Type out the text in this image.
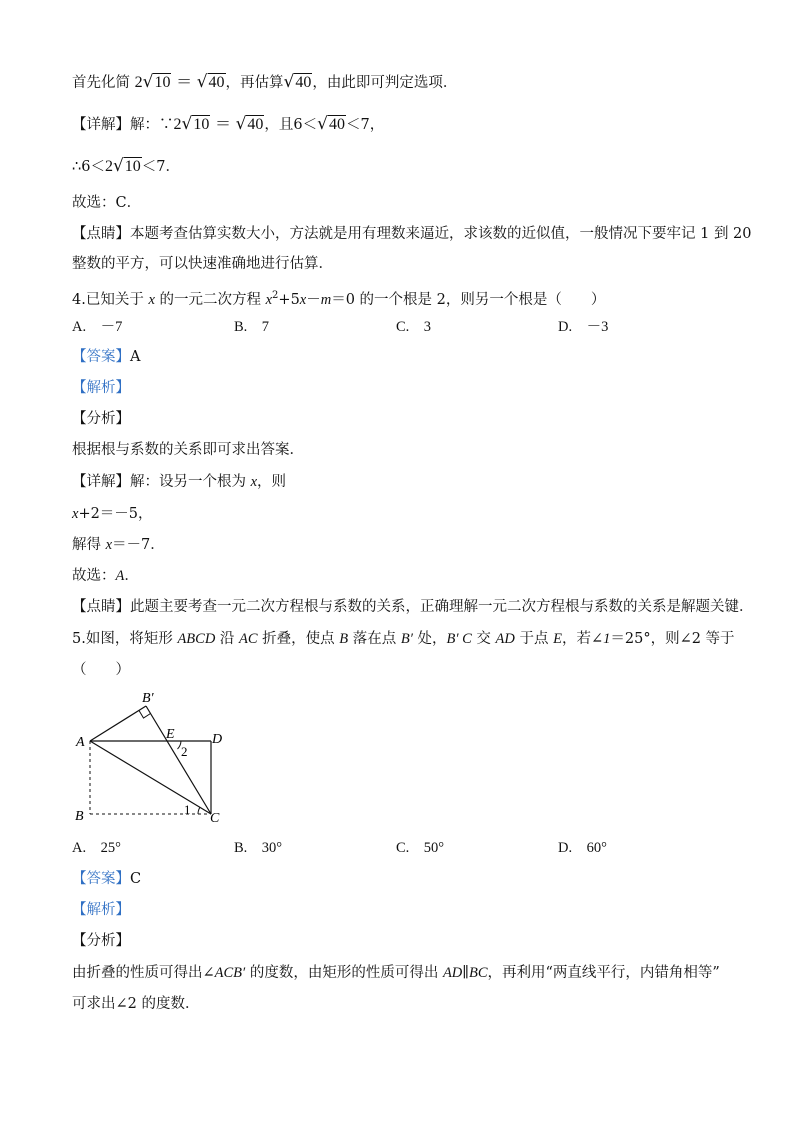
首先化简 2√10 ＝ √40，再估算√40，由此即可判定选项．
【详解】解：∵2√10 ＝ √40，且6＜√40＜7，
∴6＜2√10＜7．
故选：C．
【点睛】本题考查估算实数大小，方法就是用有理数来逼近，求该数的近似值，一般情况下要牢记 1 到 20
整数的平方，可以快速准确地进行估算．
4.已知关于 x 的一元二次方程 $x^2+5x-m=0$ 的一个根是 2，则另一个根是（　　）
A.　－7	B.　7	C.　3	D.　－3
【答案】A
【解析】
【分析】
根据根与系数的关系即可求出答案．
【详解】解：设另一个根为 x，则
x+2＝－5，
解得 x＝－7．
故选：A．
【点睛】此题主要考查一元二次方程根与系数的关系，正确理解一元二次方程根与系数的关系是解题关键．
5.如图，将矩形 ABCD 沿 AC 折叠，使点 B 落在点 B′ 处，B′ C 交 AD 于点 E，若∠1＝25°，则∠2 等于
（　　）
A
B	C
D
E
B′
1
2
A.　25°	B.　30°	C.　50°	D.　60°
【答案】C
【解析】
【分析】
由折叠的性质可得出∠ACB′ 的度数，由矩形的性质可得出 AD∥BC，再利用“两直线平行，内错角相等”
可求出∠2 的度数．
